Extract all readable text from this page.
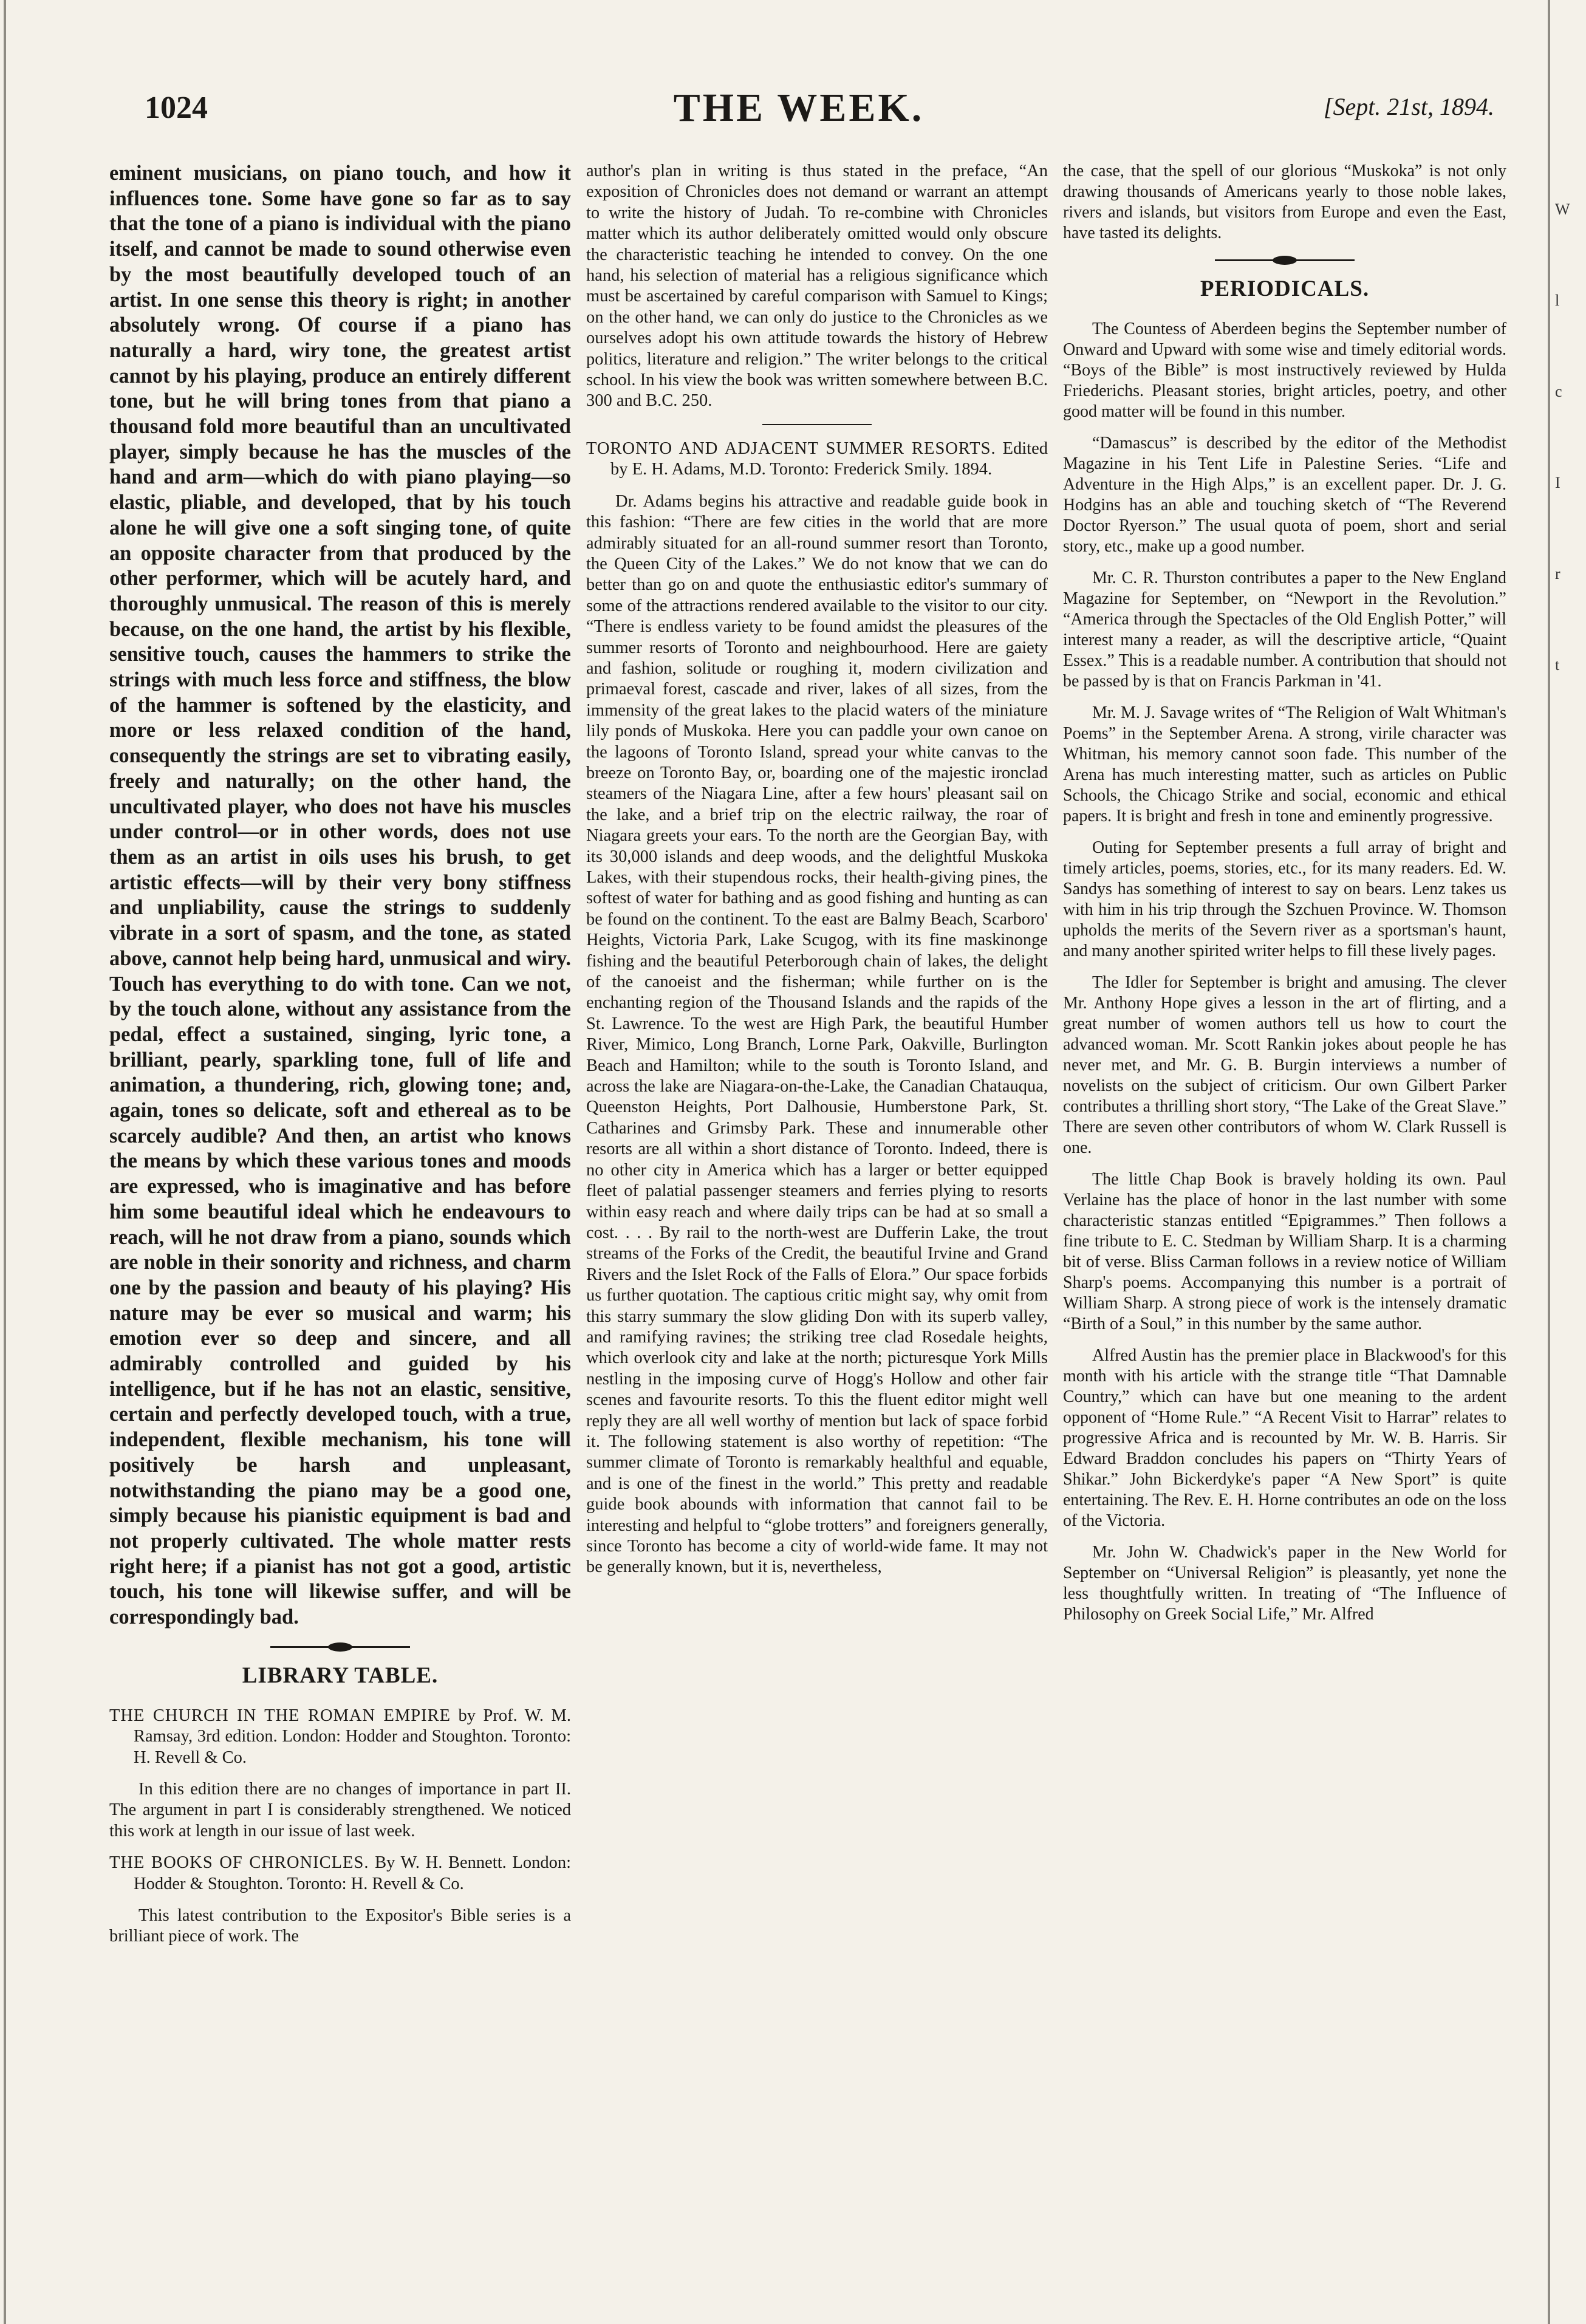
1024	THE WEEK.	[Sept. 21st, 1894.

eminent musicians, on piano touch, and how it influences tone. Some have gone so far as to say that the tone of a piano is individual with the piano itself, and cannot be made to sound otherwise even by the most beautifully developed touch of an artist. In one sense this theory is right; in another absolutely wrong. Of course if a piano has naturally a hard, wiry tone, the greatest artist cannot by his playing, produce an entirely different tone, but he will bring tones from that piano a thousand fold more beautiful than an uncultivated player, simply because he has the muscles of the hand and arm—which do with piano playing—so elastic, pliable, and developed, that by his touch alone he will give one a soft singing tone, of quite an opposite character from that produced by the other performer, which will be acutely hard, and thoroughly unmusical. The reason of this is merely because, on the one hand, the artist by his flexible, sensitive touch, causes the hammers to strike the strings with much less force and stiffness, the blow of the hammer is softened by the elasticity, and more or less relaxed condition of the hand, consequently the strings are set to vibrating easily, freely and naturally; on the other hand, the uncultivated player, who does not have his muscles under control—or in other words, does not use them as an artist in oils uses his brush, to get artistic effects—will by their very bony stiffness and unpliability, cause the strings to suddenly vibrate in a sort of spasm, and the tone, as stated above, cannot help being hard, unmusical and wiry. Touch has everything to do with tone. Can we not, by the touch alone, without any assistance from the pedal, effect a sustained, singing, lyric tone, a brilliant, pearly, sparkling tone, full of life and animation, a thundering, rich, glowing tone; and, again, tones so delicate, soft and ethereal as to be scarcely audible? And then, an artist who knows the means by which these various tones and moods are expressed, who is imaginative and has before him some beautiful ideal which he endeavours to reach, will he not draw from a piano, sounds which are noble in their sonority and richness, and charm one by the passion and beauty of his playing? His nature may be ever so musical and warm; his emotion ever so deep and sincere, and all admirably controlled and guided by his intelligence, but if he has not an elastic, sensitive, certain and perfectly developed touch, with a true, independent, flexible mechanism, his tone will positively be harsh and unpleasant, notwithstanding the piano may be a good one, simply because his pianistic equipment is bad and not properly cultivated. The whole matter rests right here; if a pianist has not got a good, artistic touch, his tone will likewise suffer, and will be correspondingly bad.

LIBRARY TABLE.

THE CHURCH IN THE ROMAN EMPIRE by Prof. W. M. Ramsay, 3rd edition. London: Hodder and Stoughton. Toronto: H. Revell & Co.

In this edition there are no changes of importance in part II. The argument in part I is considerably strengthened. We noticed this work at length in our issue of last week.

THE BOOKS OF CHRONICLES. By W. H. Bennett. London: Hodder & Stoughton. Toronto: H. Revell & Co.

This latest contribution to the Expositor's Bible series is a brilliant piece of work. The

author's plan in writing is thus stated in the preface, “An exposition of Chronicles does not demand or warrant an attempt to write the history of Judah. To re-combine with Chronicles matter which its author deliberately omitted would only obscure the characteristic teaching he intended to convey. On the one hand, his selection of material has a religious significance which must be ascertained by careful comparison with Samuel to Kings; on the other hand, we can only do justice to the Chronicles as we ourselves adopt his own attitude towards the history of Hebrew politics, literature and religion.” The writer belongs to the critical school. In his view the book was written somewhere between B.C. 300 and B.C. 250.

TORONTO AND ADJACENT SUMMER RESORTS. Edited by E. H. Adams, M.D. Toronto: Frederick Smily. 1894.

Dr. Adams begins his attractive and readable guide book in this fashion: “There are few cities in the world that are more admirably situated for an all-round summer resort than Toronto, the Queen City of the Lakes.” We do not know that we can do better than go on and quote the enthusiastic editor's summary of some of the attractions rendered available to the visitor to our city. “There is endless variety to be found amidst the pleasures of the summer resorts of Toronto and neighbourhood. Here are gaiety and fashion, solitude or roughing it, modern civilization and primaeval forest, cascade and river, lakes of all sizes, from the immensity of the great lakes to the placid waters of the miniature lily ponds of Muskoka. Here you can paddle your own canoe on the lagoons of Toronto Island, spread your white canvas to the breeze on Toronto Bay, or, boarding one of the majestic ironclad steamers of the Niagara Line, after a few hours' pleasant sail on the lake, and a brief trip on the electric railway, the roar of Niagara greets your ears. To the north are the Georgian Bay, with its 30,000 islands and deep woods, and the delightful Muskoka Lakes, with their stupendous rocks, their health-giving pines, the softest of water for bathing and as good fishing and hunting as can be found on the continent. To the east are Balmy Beach, Scarboro' Heights, Victoria Park, Lake Scugog, with its fine maskinonge fishing and the beautiful Peterborough chain of lakes, the delight of the canoeist and the fisherman; while further on is the enchanting region of the Thousand Islands and the rapids of the St. Lawrence. To the west are High Park, the beautiful Humber River, Mimico, Long Branch, Lorne Park, Oakville, Burlington Beach and Hamilton; while to the south is Toronto Island, and across the lake are Niagara-on-the-Lake, the Canadian Chatauqua, Queenston Heights, Port Dalhousie, Humberstone Park, St. Catharines and Grimsby Park. These and innumerable other resorts are all within a short distance of Toronto. Indeed, there is no other city in America which has a larger or better equipped fleet of palatial passenger steamers and ferries plying to resorts within easy reach and where daily trips can be had at so small a cost. . . . By rail to the north-west are Dufferin Lake, the trout streams of the Forks of the Credit, the beautiful Irvine and Grand Rivers and the Islet Rock of the Falls of Elora.” Our space forbids us further quotation. The captious critic might say, why omit from this starry summary the slow gliding Don with its superb valley, and ramifying ravines; the striking tree clad Rosedale heights, which overlook city and lake at the north; picturesque York Mills nestling in the imposing curve of Hogg's Hollow and other fair scenes and favourite resorts. To this the fluent editor might well reply they are all well worthy of mention but lack of space forbid it. The following statement is also worthy of repetition: “The summer climate of Toronto is remarkably healthful and equable, and is one of the finest in the world.” This pretty and readable guide book abounds with information that cannot fail to be interesting and helpful to “globe trotters” and foreigners generally, since Toronto has become a city of world-wide fame. It may not be generally known, but it is, nevertheless,

the case, that the spell of our glorious “Muskoka” is not only drawing thousands of Americans yearly to those noble lakes, rivers and islands, but visitors from Europe and even the East, have tasted its delights.

PERIODICALS.

The Countess of Aberdeen begins the September number of Onward and Upward with some wise and timely editorial words. “Boys of the Bible” is most instructively reviewed by Hulda Friederichs. Pleasant stories, bright articles, poetry, and other good matter will be found in this number.

“Damascus” is described by the editor of the Methodist Magazine in his Tent Life in Palestine Series. “Life and Adventure in the High Alps,” is an excellent paper. Dr. J. G. Hodgins has an able and touching sketch of “The Reverend Doctor Ryerson.” The usual quota of poem, short and serial story, etc., make up a good number.

Mr. C. R. Thurston contributes a paper to the New England Magazine for September, on “Newport in the Revolution.” “America through the Spectacles of the Old English Potter,” will interest many a reader, as will the descriptive article, “Quaint Essex.” This is a readable number. A contribution that should not be passed by is that on Francis Parkman in '41.

Mr. M. J. Savage writes of “The Religion of Walt Whitman's Poems” in the September Arena. A strong, virile character was Whitman, his memory cannot soon fade. This number of the Arena has much interesting matter, such as articles on Public Schools, the Chicago Strike and social, economic and ethical papers. It is bright and fresh in tone and eminently progressive.

Outing for September presents a full array of bright and timely articles, poems, stories, etc., for its many readers. Ed. W. Sandys has something of interest to say on bears. Lenz takes us with him in his trip through the Szchuen Province. W. Thomson upholds the merits of the Severn river as a sportsman's haunt, and many another spirited writer helps to fill these lively pages.

The Idler for September is bright and amusing. The clever Mr. Anthony Hope gives a lesson in the art of flirting, and a great number of women authors tell us how to court the advanced woman. Mr. Scott Rankin jokes about people he has never met, and Mr. G. B. Burgin interviews a number of novelists on the subject of criticism. Our own Gilbert Parker contributes a thrilling short story, “The Lake of the Great Slave.” There are seven other contributors of whom W. Clark Russell is one.

The little Chap Book is bravely holding its own. Paul Verlaine has the place of honor in the last number with some characteristic stanzas entitled “Epigrammes.” Then follows a fine tribute to E. C. Stedman by William Sharp. It is a charming bit of verse. Bliss Carman follows in a review notice of William Sharp's poems. Accompanying this number is a portrait of William Sharp. A strong piece of work is the intensely dramatic “Birth of a Soul,” in this number by the same author.

Alfred Austin has the premier place in Blackwood's for this month with his article with the strange title “That Damnable Country,” which can have but one meaning to the ardent opponent of “Home Rule.” “A Recent Visit to Harrar” relates to progressive Africa and is recounted by Mr. W. B. Harris. Sir Edward Braddon concludes his papers on “Thirty Years of Shikar.” John Bickerdyke's paper “A New Sport” is quite entertaining. The Rev. E. H. Horne contributes an ode on the loss of the Victoria.

Mr. John W. Chadwick's paper in the New World for September on “Universal Religion” is pleasantly, yet none the less thoughtfully written. In treating of “The Influence of Philosophy on Greek Social Life,” Mr. Alfred

W
l
c
I
r
t
